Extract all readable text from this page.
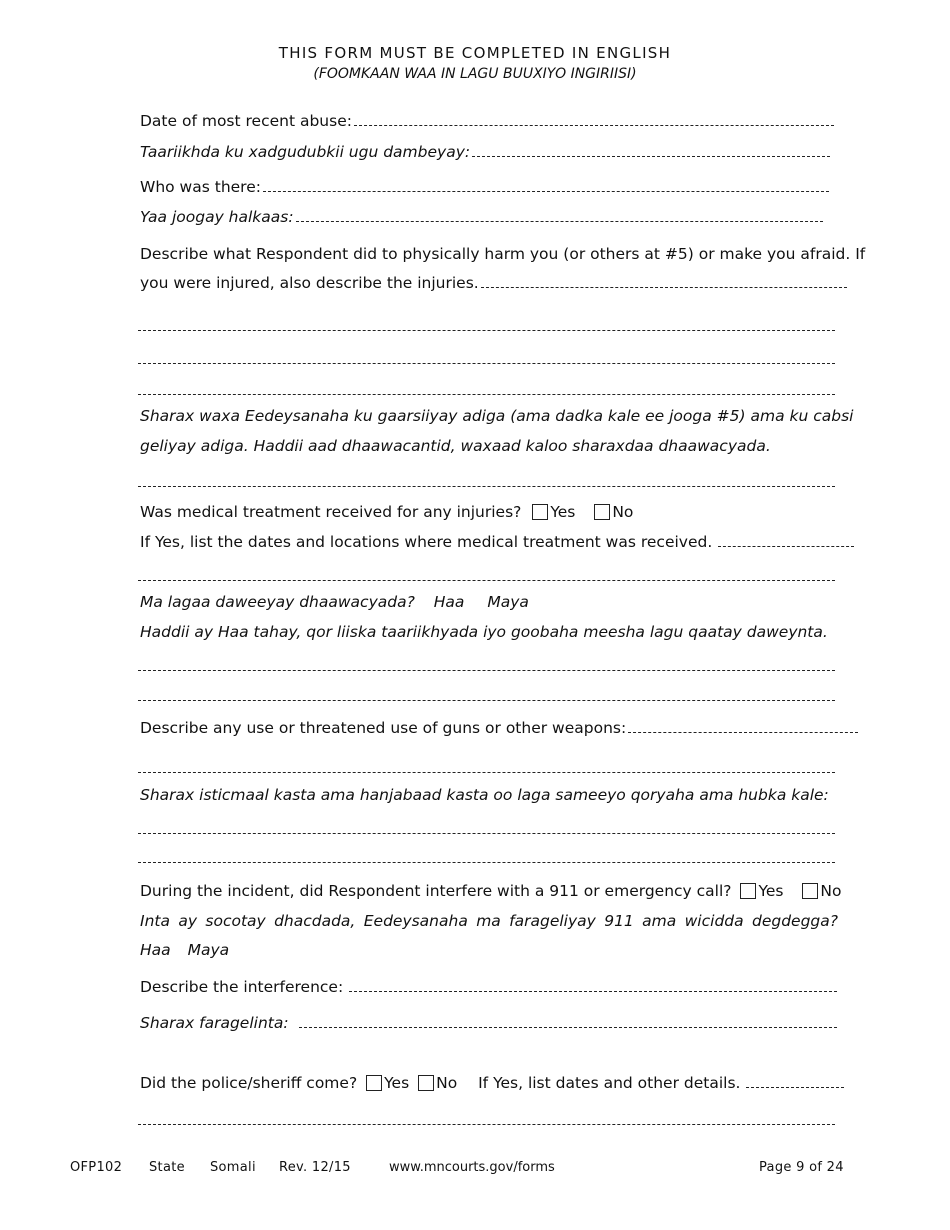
THIS FORM MUST BE COMPLETED IN ENGLISH
(FOOMKAAN WAA IN LAGU BUUXIYO INGIRIISI)
Date of most recent abuse:
Taariikhda ku xadgudubkii ugu dambeyay:
Who was there:
Yaa joogay halkaas:
Describe what Respondent did to physically harm you (or others at #5) or make you afraid. If
you were injured, also describe the injuries.
Sharax waxa Eedeysanaha ku gaarsiiyay adiga (ama dadka kale ee jooga #5) ama ku cabsi
geliyay adiga. Haddii aad dhaawacantid, waxaad kaloo sharaxdaa dhaawacyada.
Was medical treatment received for any injuries? Yes No
If Yes, list the dates and locations where medical treatment was received.
Ma lagaa daweeyay dhaawacyada? Haa Maya
Haddii ay Haa tahay, qor liiska taariikhyada iyo goobaha meesha lagu qaatay daweynta.
Describe any use or threatened use of guns or other weapons:
Sharax isticmaal kasta ama hanjabaad kasta oo laga sameeyo qoryaha ama hubka kale:
During the incident, did Respondent interfere with a 911 or emergency call? Yes No
Inta ay socotay dhacdada, Eedeysanaha ma farageliyay 911 ama wicidda degdegga?
Haa Maya
Describe the interference:
Sharax faragelinta:
Did the police/sheriff come? Yes No If Yes, list dates and other details.
OFP102 State Somali Rev. 12/15	www.mncourts.gov/forms	Page 9 of 24
